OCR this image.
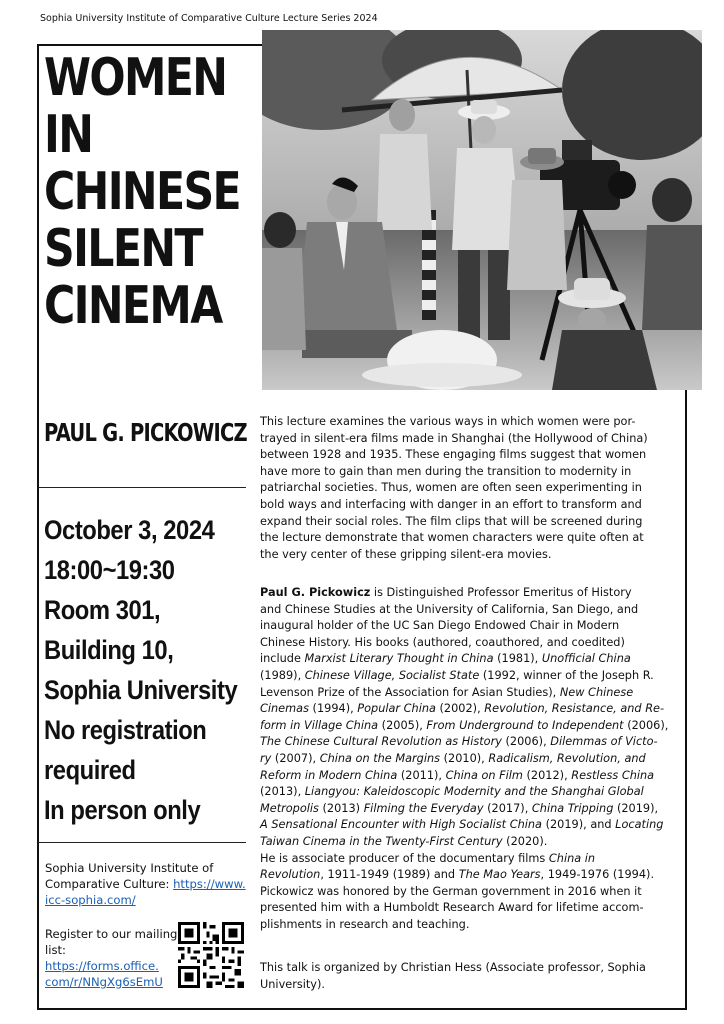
Sophia University Institute of Comparative Culture Lecture Series 2024
WOMEN
IN
CHINESE
SILENT
CINEMA
PAUL G. PICKOWICZ
October 3, 2024
18:00~19:30
Room 301,
Building 10,
Sophia University
No registration
required
In person only
Sophia University Institute of
Comparative Culture: https://www.
icc-sophia.com/
Register to our mailing
list:
https://forms.office.
com/r/NNgXg6sEmU

This lecture examines the various ways in which women were por-

trayed in silent-era films made in Shanghai (the Hollywood of China)

between 1928 and 1935. These engaging films suggest that women

have more to gain than men during the transition to modernity in

patriarchal societies. Thus, women are often seen experimenting in

bold ways and interfacing with danger in an effort to transform and

expand their social roles. The film clips that will be screened during

the lecture demonstrate that women characters were quite often at

the very center of these gripping silent-era movies.

Paul G. Pickowicz is Distinguished Professor Emeritus of History

and Chinese Studies at the University of California, San Diego, and

inaugural holder of the UC San Diego Endowed Chair in Modern

Chinese History. His books (authored, coauthored, and coedited)

include Marxist Literary Thought in China (1981), Unofficial China

(1989), Chinese Village, Socialist State (1992, winner of the Joseph R.

Levenson Prize of the Association for Asian Studies), New Chinese

Cinemas (1994), Popular China (2002), Revolution, Resistance, and Re-

form in Village China (2005), From Underground to Independent (2006),

The Chinese Cultural Revolution as History (2006), Dilemmas of Victo-

ry (2007), China on the Margins (2010), Radicalism, Revolution, and

Reform in Modern China (2011), China on Film (2012), Restless China

(2013), Liangyou: Kaleidoscopic Modernity and the Shanghai Global

Metropolis (2013) Filming the Everyday (2017), China Tripping (2019),

A Sensational Encounter with High Socialist China (2019), and Locating

Taiwan Cinema in the Twenty-First Century (2020).

He is associate producer of the documentary films China in

Revolution, 1911-1949 (1989) and The Mao Years, 1949-1976 (1994).

Pickowicz was honored by the German government in 2016 when it

presented him with a Humboldt Research Award for lifetime accom-

plishments in research and teaching.

This talk is organized by Christian Hess (Associate professor, Sophia

University).
